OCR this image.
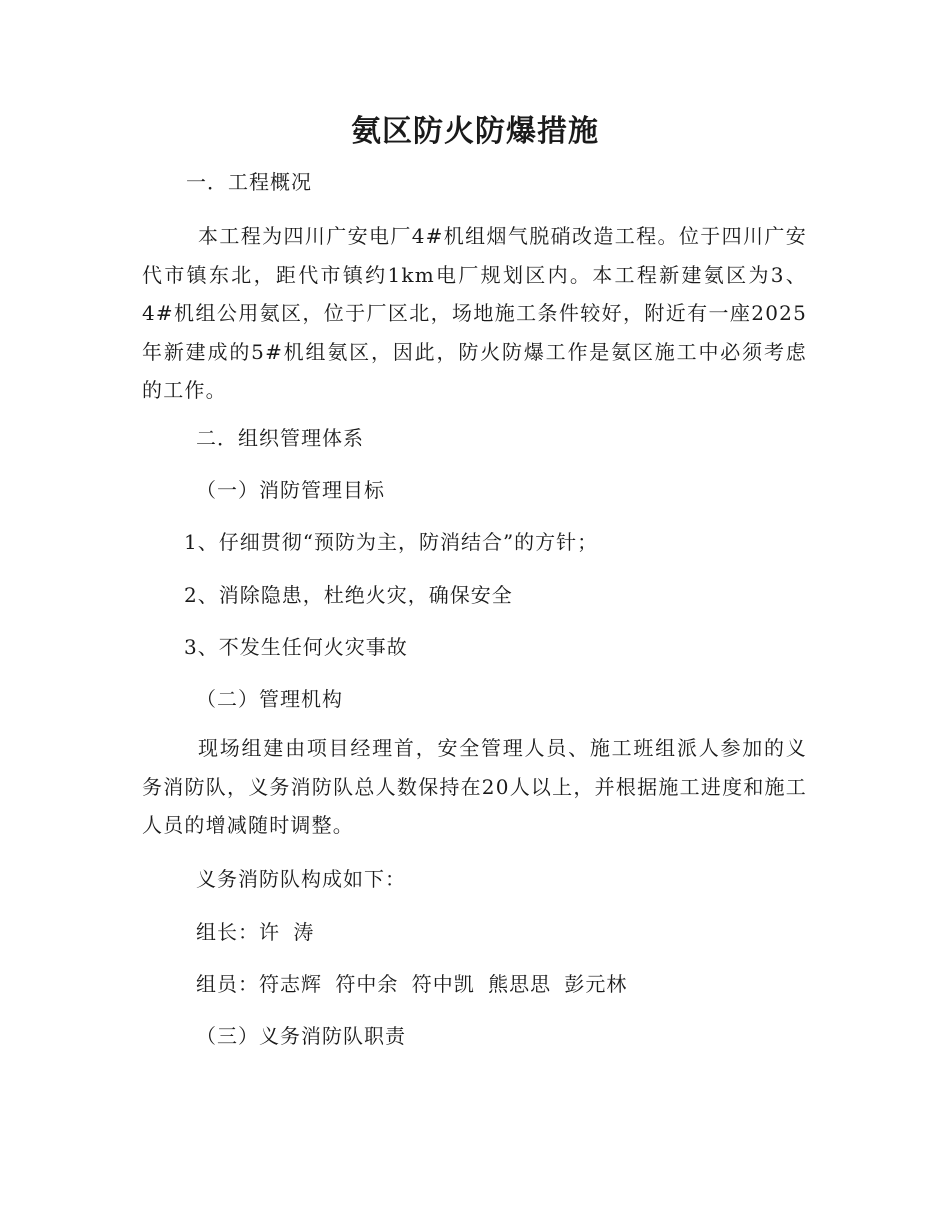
氨区防火防爆措施
一．工程概况
本工程为四川广安电厂4#机组烟气脱硝改造工程。位于四川广安代市镇东北，距代市镇约1km电厂规划区内。本工程新建氨区为3、4#机组公用氨区，位于厂区北，场地施工条件较好，附近有一座2025年新建成的5#机组氨区，因此，防火防爆工作是氨区施工中必须考虑的工作。
二．组织管理体系
（一）消防管理目标
1、仔细贯彻“预防为主，防消结合”的方针；
2、消除隐患，杜绝火灾，确保安全
3、不发生任何火灾事故
（二）管理机构
现场组建由项目经理首，安全管理人员、施工班组派人参加的义务消防队，义务消防队总人数保持在20人以上，并根据施工进度和施工人员的增减随时调整。
义务消防队构成如下：
组长：许 涛
组员：符志辉 符中余 符中凯 熊思思 彭元林
（三）义务消防队职责
